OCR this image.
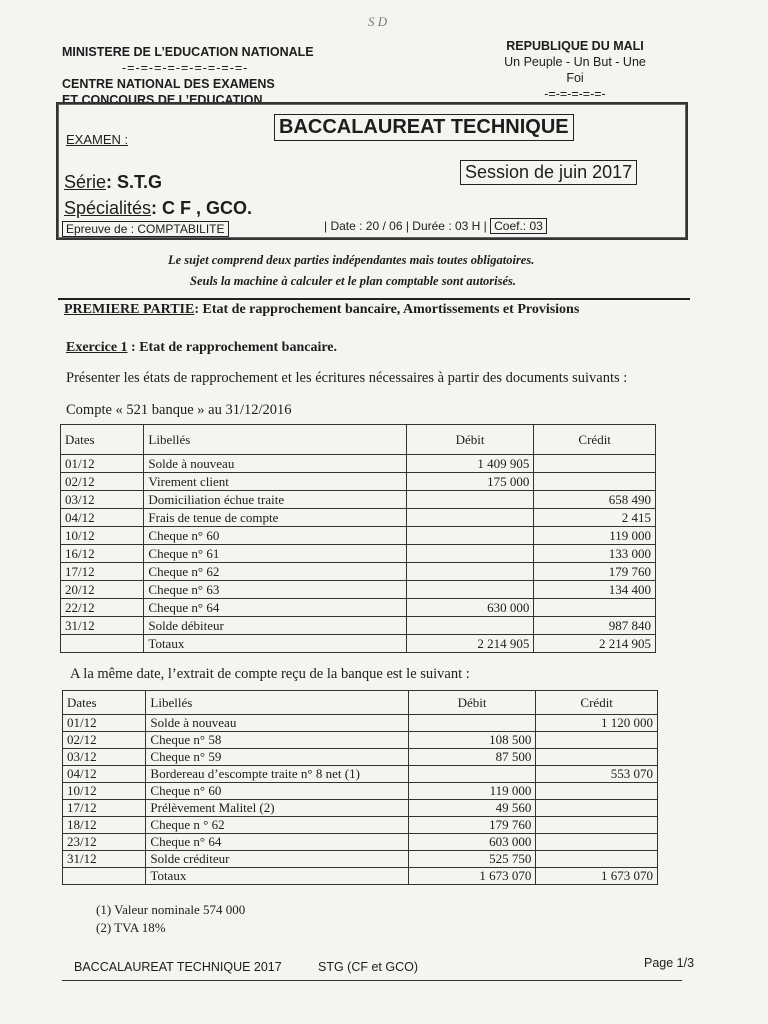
S D
MINISTERE DE L’EDUCATION NATIONALE
-=-=-=-=-=-=-=-=-=-
CENTRE NATIONAL DES EXAMENS
ET CONCOURS DE L’EDUCATION
REPUBLIQUE DU MALI
Un Peuple - Un But - Une Foi
-=-=-=-=-=-
EXAMEN :
BACCALAUREAT TECHNIQUE
Session de juin 2017
Série: S.T.G
Spécialités: C F , GCO.
Epreuve de : COMPTABILITE	| Date : 20 / 06 | Durée : 03 H | Coef.: 03
Le sujet comprend deux parties indépendantes mais toutes obligatoires.
Seuls la machine à calculer et le plan comptable sont autorisés.
PREMIERE PARTIE: Etat de rapprochement bancaire, Amortissements et Provisions
Exercice 1 : Etat de rapprochement bancaire.
Présenter les états de rapprochement et les écritures nécessaires à partir des documents suivants :
Compte « 521 banque » au 31/12/2016
Dates	Libellés	Débit	Crédit
01/12	Solde à nouveau	1 409 905	
02/12	Virement client	175 000	
03/12	Domiciliation échue traite		658 490
04/12	Frais de tenue de compte		2 415
10/12	Cheque n° 60		119 000
16/12	Cheque n° 61		133 000
17/12	Cheque n° 62		179 760
20/12	Cheque n° 63		134 400
22/12	Cheque n° 64	630 000	
31/12	Solde débiteur		987 840
	Totaux	2 214 905	2 214 905
A la même date, l’extrait de compte reçu de la banque est le suivant :
Dates	Libellés	Débit	Crédit
01/12	Solde à nouveau		1 120 000
02/12	Cheque n° 58	108 500	
03/12	Cheque n° 59	87 500	
04/12	Bordereau d’escompte traite n° 8 net (1)		553 070
10/12	Cheque n° 60	119 000	
17/12	Prélèvement Malitel (2)	49 560	
18/12	Cheque n ° 62	179 760	
23/12	Cheque n° 64	603 000	
31/12	Solde créditeur	525 750	
	Totaux	1 673 070	1 673 070
(1) Valeur nominale 574 000
(2) TVA 18%
BACCALAUREAT TECHNIQUE 2017	STG (CF et GCO)	Page 1/3
